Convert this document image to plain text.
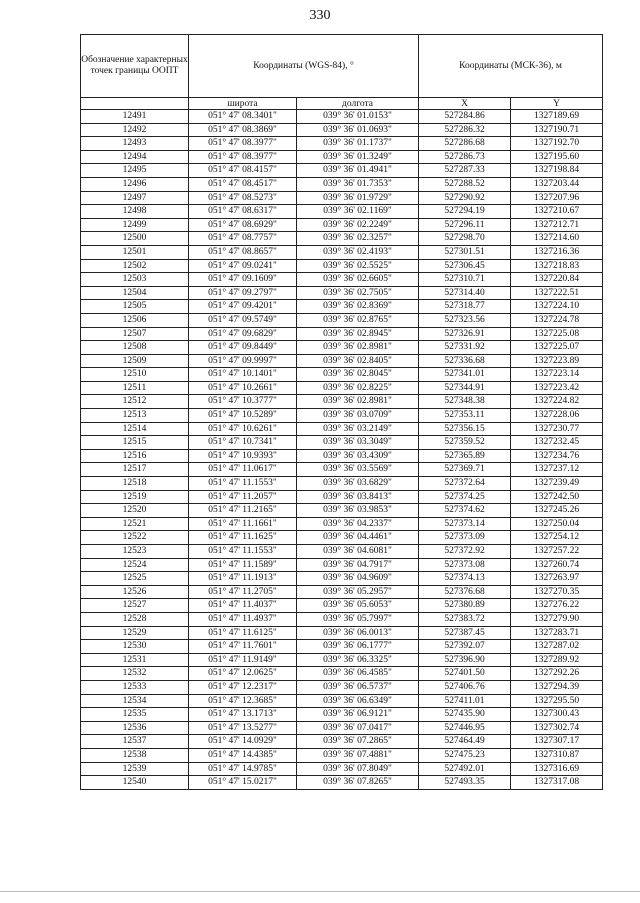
330
Обозначение характерных точек границы ООПТ	Координаты (WGS-84), °		Координаты (МСК-36), м	
	широта	долгота	X	Y
12491	051° 47' 08.3401"	039° 36' 01.0153"	527284.86	1327189.69
12492	051° 47' 08.3869"	039° 36' 01.0693"	527286.32	1327190.71
12493	051° 47' 08.3977"	039° 36' 01.1737"	527286.68	1327192.70
12494	051° 47' 08.3977"	039° 36' 01.3249"	527286.73	1327195.60
12495	051° 47' 08.4157"	039° 36' 01.4941"	527287.33	1327198.84
12496	051° 47' 08.4517"	039° 36' 01.7353"	527288.52	1327203.44
12497	051° 47' 08.5273"	039° 36' 01.9729"	527290.92	1327207.96
12498	051° 47' 08.6317"	039° 36' 02.1169"	527294.19	1327210.67
12499	051° 47' 08.6929"	039° 36' 02.2249"	527296.11	1327212.71
12500	051° 47' 08.7757"	039° 36' 02.3257"	527298.70	1327214.60
12501	051° 47' 08.8657"	039° 36' 02.4193"	527301.51	1327216.36
12502	051° 47' 09.0241"	039° 36' 02.5525"	527306.45	1327218.83
12503	051° 47' 09.1609"	039° 36' 02.6605"	527310.71	1327220.84
12504	051° 47' 09.2797"	039° 36' 02.7505"	527314.40	1327222.51
12505	051° 47' 09.4201"	039° 36' 02.8369"	527318.77	1327224.10
12506	051° 47' 09.5749"	039° 36' 02.8765"	527323.56	1327224.78
12507	051° 47' 09.6829"	039° 36' 02.8945"	527326.91	1327225.08
12508	051° 47' 09.8449"	039° 36' 02.8981"	527331.92	1327225.07
12509	051° 47' 09.9997"	039° 36' 02.8405"	527336.68	1327223.89
12510	051° 47' 10.1401"	039° 36' 02.8045"	527341.01	1327223.14
12511	051° 47' 10.2661"	039° 36' 02.8225"	527344.91	1327223.42
12512	051° 47' 10.3777"	039° 36' 02.8981"	527348.38	1327224.82
12513	051° 47' 10.5289"	039° 36' 03.0709"	527353.11	1327228.06
12514	051° 47' 10.6261"	039° 36' 03.2149"	527356.15	1327230.77
12515	051° 47' 10.7341"	039° 36' 03.3049"	527359.52	1327232.45
12516	051° 47' 10.9393"	039° 36' 03.4309"	527365.89	1327234.76
12517	051° 47' 11.0617"	039° 36' 03.5569"	527369.71	1327237.12
12518	051° 47' 11.1553"	039° 36' 03.6829"	527372.64	1327239.49
12519	051° 47' 11.2057"	039° 36' 03.8413"	527374.25	1327242.50
12520	051° 47' 11.2165"	039° 36' 03.9853"	527374.62	1327245.26
12521	051° 47' 11.1661"	039° 36' 04.2337"	527373.14	1327250.04
12522	051° 47' 11.1625"	039° 36' 04.4461"	527373.09	1327254.12
12523	051° 47' 11.1553"	039° 36' 04.6081"	527372.92	1327257.22
12524	051° 47' 11.1589"	039° 36' 04.7917"	527373.08	1327260.74
12525	051° 47' 11.1913"	039° 36' 04.9609"	527374.13	1327263.97
12526	051° 47' 11.2705"	039° 36' 05.2957"	527376.68	1327270.35
12527	051° 47' 11.4037"	039° 36' 05.6053"	527380.89	1327276.22
12528	051° 47' 11.4937"	039° 36' 05.7997"	527383.72	1327279.90
12529	051° 47' 11.6125"	039° 36' 06.0013"	527387.45	1327283.71
12530	051° 47' 11.7601"	039° 36' 06.1777"	527392.07	1327287.02
12531	051° 47' 11.9149"	039° 36' 06.3325"	527396.90	1327289.92
12532	051° 47' 12.0625"	039° 36' 06.4585"	527401.50	1327292.26
12533	051° 47' 12.2317"	039° 36' 06.5737"	527406.76	1327294.39
12534	051° 47' 12.3685"	039° 36' 06.6349"	527411.01	1327295.50
12535	051° 47' 13.1713"	039° 36' 06.9121"	527435.90	1327300.43
12536	051° 47' 13.5277"	039° 36' 07.0417"	527446.95	1327302.74
12537	051° 47' 14.0929"	039° 36' 07.2865"	527464.49	1327307.17
12538	051° 47' 14.4385"	039° 36' 07.4881"	527475.23	1327310.87
12539	051° 47' 14.9785"	039° 36' 07.8049"	527492.01	1327316.69
12540	051° 47' 15.0217"	039° 36' 07.8265"	527493.35	1327317.08
